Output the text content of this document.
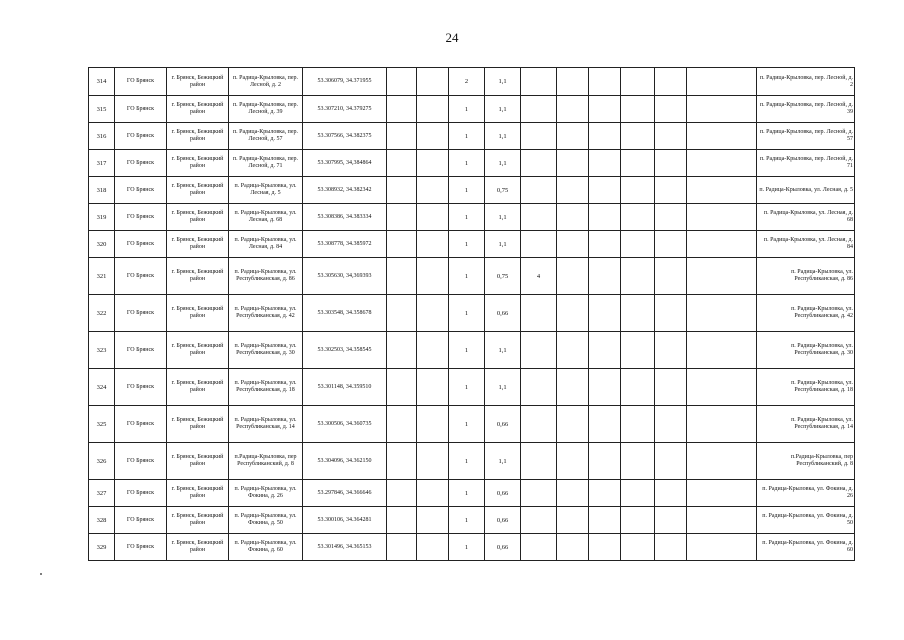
24
314	ГО Брянск	г. Брянск, Бежицкий район	п. Радица-Крыловка, пер. Лесной, д. 2	53.306079, 34.371955			2	1,1							п. Радица-Крыловка, пер. Лесной, д. 2
315	ГО Брянск	г. Брянск, Бежицкий район	п. Радица-Крыловка, пер. Лесной, д. 39	53.307210, 34.379275			1	1,1							п. Радица-Крыловка, пер. Лесной, д. 39
316	ГО Брянск	г. Брянск, Бежицкий район	п. Радица-Крыловка, пер. Лесной, д. 57	53.307566, 34.382375			1	1,1							п. Радица-Крыловка, пер. Лесной, д. 57
317	ГО Брянск	г. Брянск, Бежицкий район	п. Радица-Крыловка, пер. Лесной, д. 71	53.307995, 34,384864			1	1,1							п. Радица-Крыловка, пер. Лесной, д. 71
318	ГО Брянск	г. Брянск, Бежицкий район	п. Радица-Крыловка, ул. Лесная, д. 5	53.308932, 34.382342			1	0,75							п. Радица-Крыловка, ул. Лесная, д. 5
319	ГО Брянск	г. Брянск, Бежицкий район	п. Радица-Крыловка, ул. Лесная, д. 68	53.308386, 34.383334			1	1,1							п. Радица-Крыловка, ул. Лесная, д. 68
320	ГО Брянск	г. Брянск, Бежицкий район	п. Радица-Крыловка, ул. Лесная, д. 84	53.308778, 34.385972			1	1,1							п. Радица-Крыловка, ул. Лесная, д. 84
321	ГО Брянск	г. Брянск, Бежицкий район	п. Радица-Крыловка, ул. Республиканская, д. 86	53.305630, 34,369393			1	0,75	4						п. Радица-Крыловка, ул. Республиканская, д. 86
322	ГО Брянск	г. Брянск, Бежицкий район	п. Радица-Крыловка, ул. Республиканская, д. 42	53.303548, 34.358678			1	0,66							п. Радица-Крыловка, ул. Республиканская, д. 42
323	ГО Брянск	г. Брянск, Бежицкий район	п. Радица-Крыловка, ул. Республиканская, д. 30	53.302503, 34.358545			1	1,1							п. Радица-Крыловка, ул. Республиканская, д. 30
324	ГО Брянск	г. Брянск, Бежицкий район	п. Радица-Крыловка, ул. Республиканская, д. 18	53.301148, 34.359510			1	1,1							п. Радица-Крыловка, ул. Республиканская, д. 18
325	ГО Брянск	г. Брянск, Бежицкий район	п. Радица-Крыловка, ул. Республиканская, д. 14	53.300506, 34.360735			1	0,66							п. Радица-Крыловка, ул. Республиканская, д. 14
326	ГО Брянск	г. Брянск, Бежицкий район	п.Радица-Крыловка, пер Республиканский, д. 8	53.304096, 34.362150			1	1,1							п.Радица-Крыловка, пер Республиканский, д. 8
327	ГО Брянск	г. Брянск, Бежицкий район	п. Радица-Крыловка, ул. Фокина, д. 26	53.297846, 34.366646			1	0,66							п. Радица-Крыловка, ул. Фокина, д. 26
328	ГО Брянск	г. Брянск, Бежицкий район	п. Радица-Крыловка, ул. Фокина, д. 50	53.300106, 34.364281			1	0,66							п. Радица-Крыловка, ул. Фокина, д. 50
329	ГО Брянск	г. Брянск, Бежицкий район	п. Радица-Крыловка, ул. Фокина, д. 60	53.301496, 34.365153			1	0,66							п. Радица-Крыловка, ул. Фокина, д. 60
